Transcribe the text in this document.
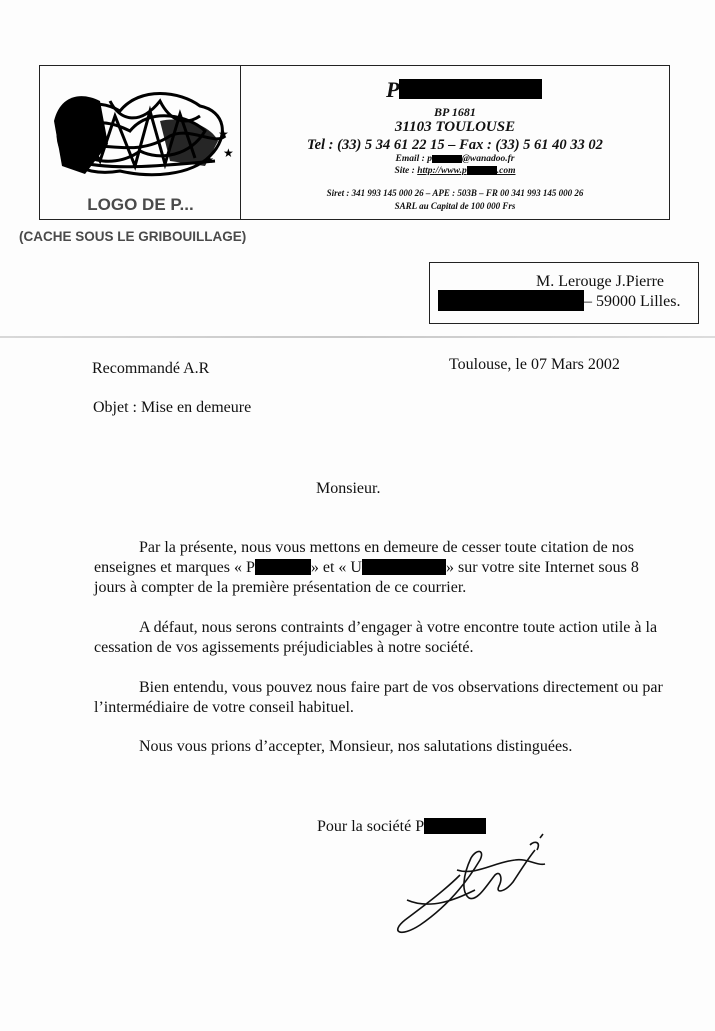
★
★
★
LOGO DE P...
P
BP 1681
31103 TOULOUSE
Tel : (33) 5 34 61 22 15 – Fax : (33) 5 61 40 33 02
Email : p	@wanadoo.fr
Site : http://www.p	.com
Siret : 341 993 145 000 26 – APE : 503B – FR 00 341 993 145 000 26
SARL au Capital de 100 000 Frs
(CACHE SOUS LE GRIBOUILLAGE)
M. Lerouge J.Pierre
– 59000 Lilles.
Recommandé A.R	Toulouse, le 07 Mars 2002
Objet : Mise en demeure
Monsieur.
Par la présente, nous vous mettons en demeure de cesser toute citation de nos enseignes et marques « P	» et « U	» sur votre site Internet sous 8 jours à compter de la première présentation de ce courrier.
A défaut, nous serons contraints d’engager à votre encontre toute action utile à la cessation de vos agissements préjudiciables à notre société.
Bien entendu, vous pouvez nous faire part de vos observations directement ou par l’intermédiaire de votre conseil habituel.
Nous vous prions d’accepter, Monsieur, nos salutations distinguées.
Pour la société P
